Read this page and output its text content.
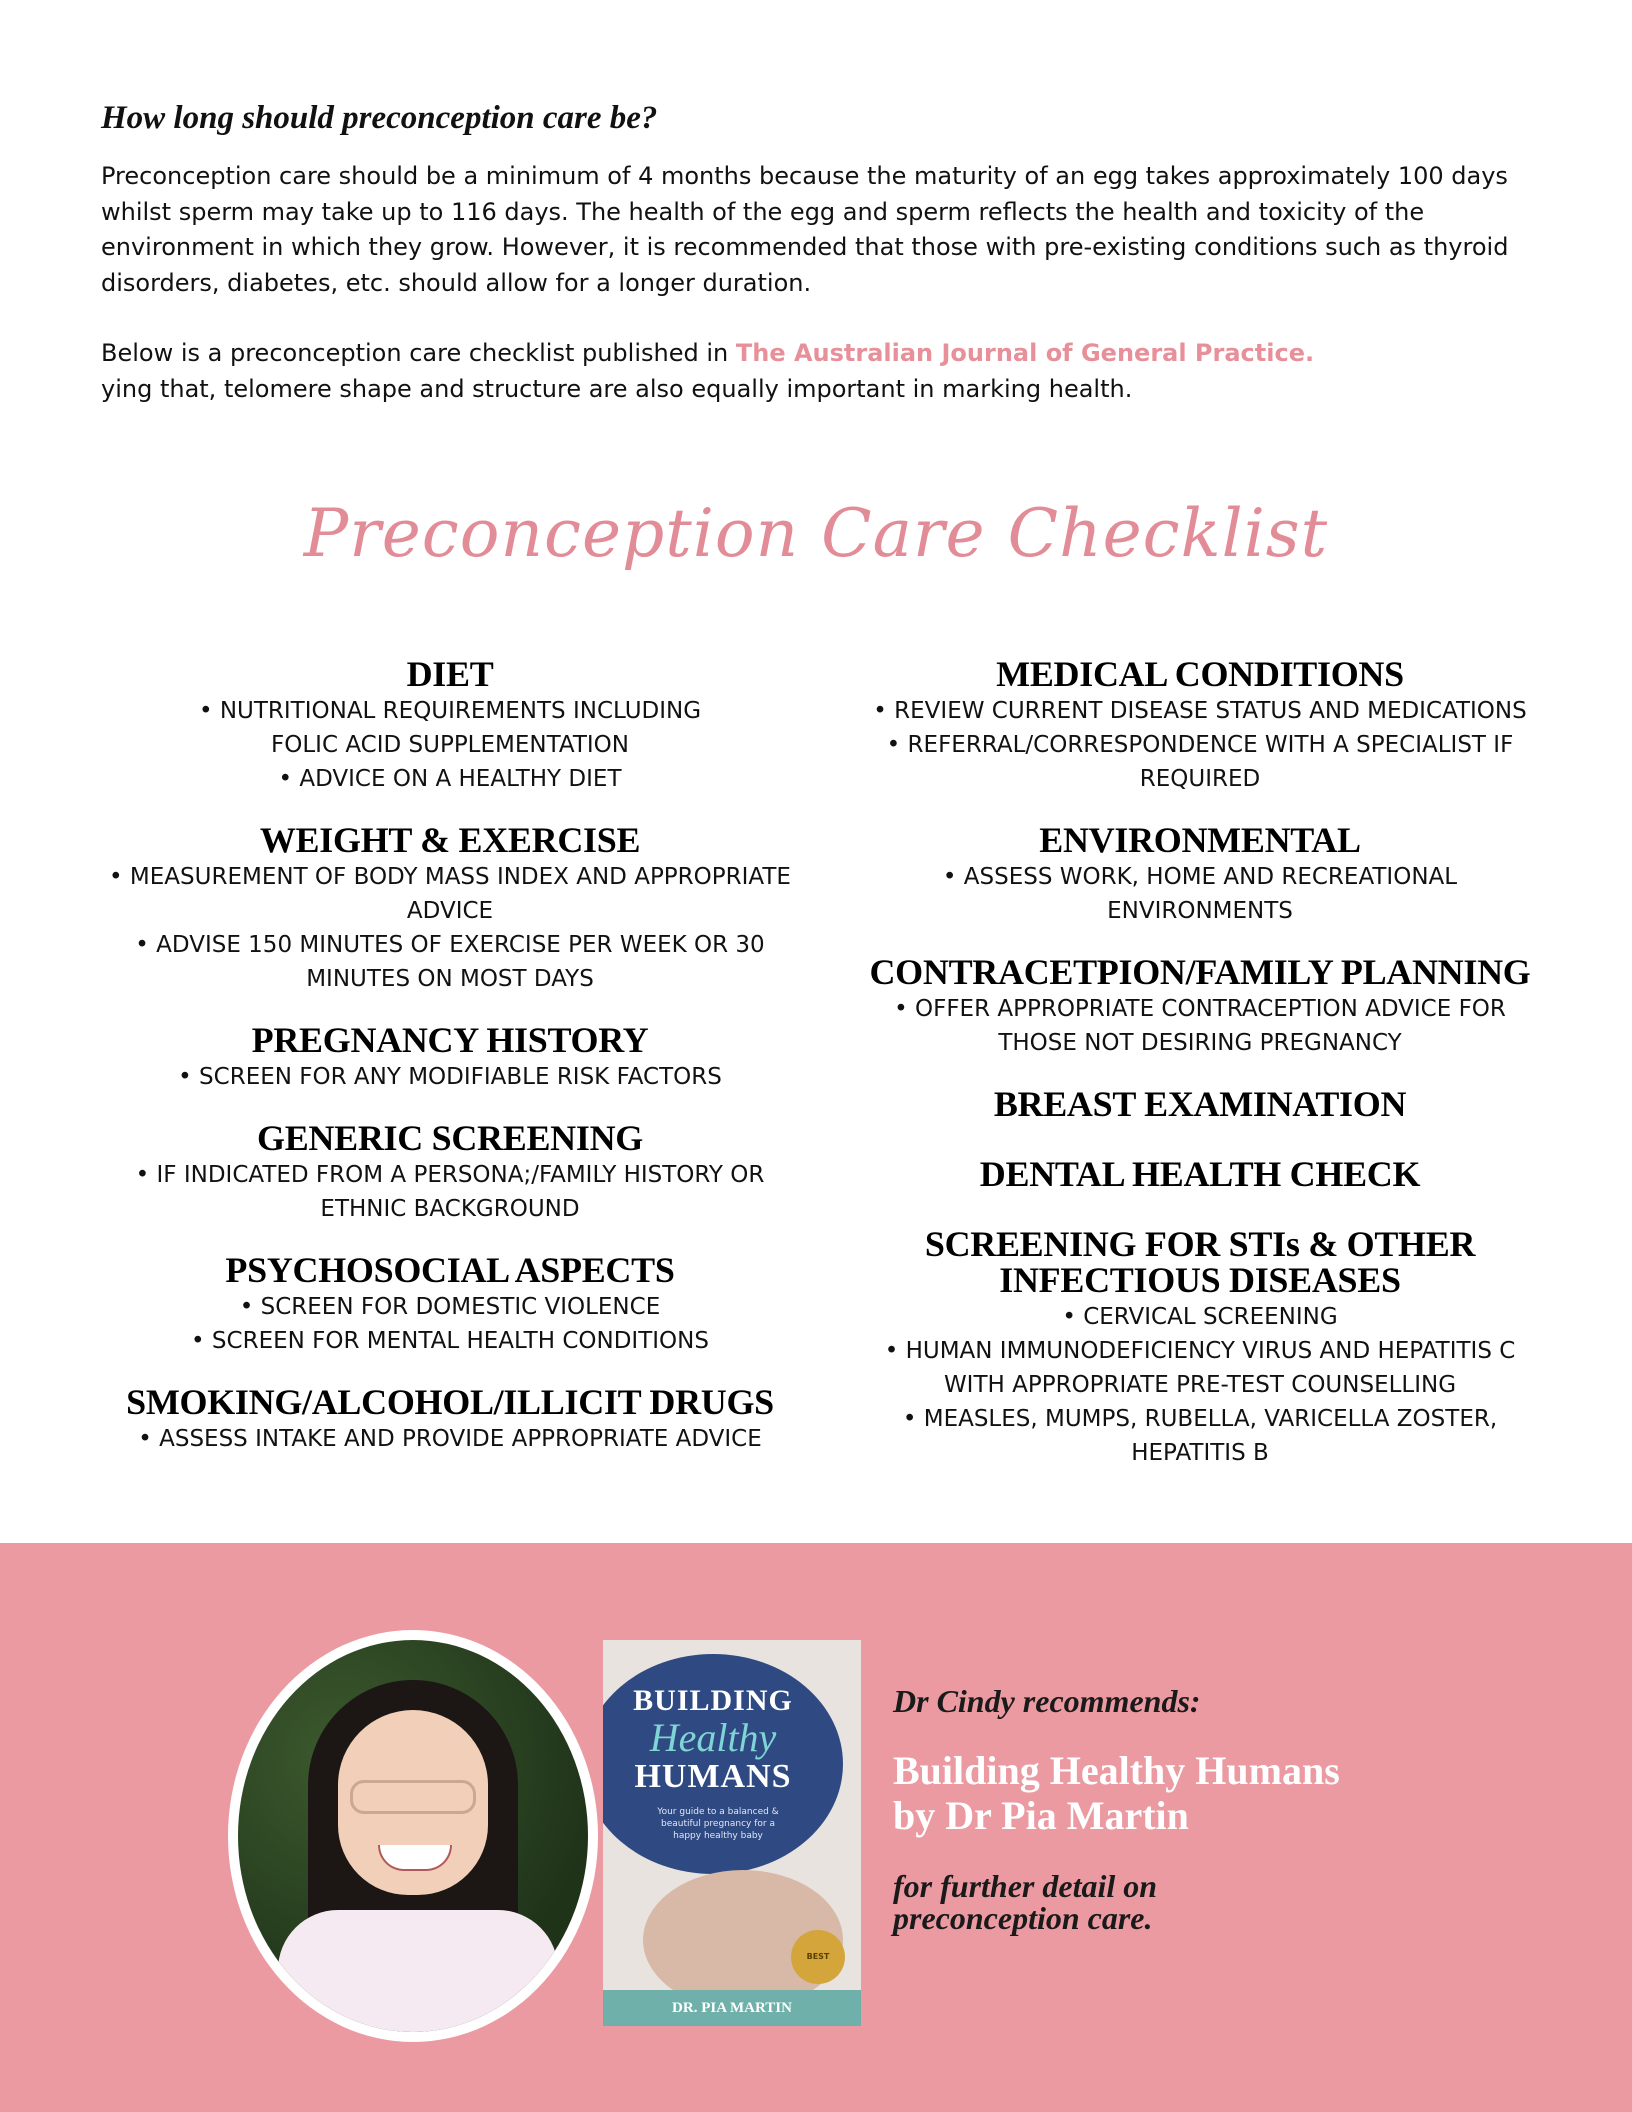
How long should preconception care be?

Preconception care should be a minimum of 4 months because the maturity of an egg takes approximately 100 days whilst sperm may take up to 116 days. The health of the egg and sperm reflects the health and toxicity of the environment in which they grow. However, it is recommended that those with pre-existing conditions such as thyroid disorders, diabetes, etc. should allow for a longer duration.

Below is a preconception care checklist published in The Australian Journal of General Practice.
ying that, telomere shape and structure are also equally important in marking health.

Preconception Care Checklist
DIET

• NUTRITIONAL REQUIREMENTS INCLUDING

FOLIC ACID SUPPLEMENTATION

• ADVICE ON A HEALTHY DIET

WEIGHT & EXERCISE

• MEASUREMENT OF BODY MASS INDEX AND APPROPRIATE

ADVICE

• ADVISE 150 MINUTES OF EXERCISE PER WEEK OR 30

MINUTES ON MOST DAYS

PREGNANCY HISTORY

• SCREEN FOR ANY MODIFIABLE RISK FACTORS

GENERIC SCREENING

• IF INDICATED FROM A PERSONA;/FAMILY HISTORY OR

ETHNIC BACKGROUND

PSYCHOSOCIAL ASPECTS

• SCREEN FOR DOMESTIC VIOLENCE

• SCREEN FOR MENTAL HEALTH CONDITIONS

SMOKING/ALCOHOL/ILLICIT DRUGS

• ASSESS INTAKE AND PROVIDE APPROPRIATE ADVICE

MEDICAL CONDITIONS

• REVIEW CURRENT DISEASE STATUS AND MEDICATIONS

• REFERRAL/CORRESPONDENCE WITH A SPECIALIST IF

REQUIRED

ENVIRONMENTAL

• ASSESS WORK, HOME AND RECREATIONAL

ENVIRONMENTS

CONTRACETPION/FAMILY PLANNING

• OFFER APPROPRIATE CONTRACEPTION ADVICE FOR

THOSE NOT DESIRING PREGNANCY

BREAST EXAMINATION
DENTAL HEALTH CHECK
SCREENING FOR STIs & OTHER
INFECTIOUS DISEASES

• CERVICAL SCREENING

• HUMAN IMMUNODEFICIENCY VIRUS AND HEPATITIS C

WITH APPROPRIATE PRE-TEST COUNSELLING

• MEASLES, MUMPS, RUBELLA, VARICELLA ZOSTER,

HEPATITIS B

BUILDING
Healthy
HUMANS
Your guide to a balanced & beautiful pregnancy for a happy healthy baby
BEST
DR. PIA MARTIN

Dr Cindy recommends:

Building Healthy Humans
by Dr Pia Martin

for further detail on
preconception care.
